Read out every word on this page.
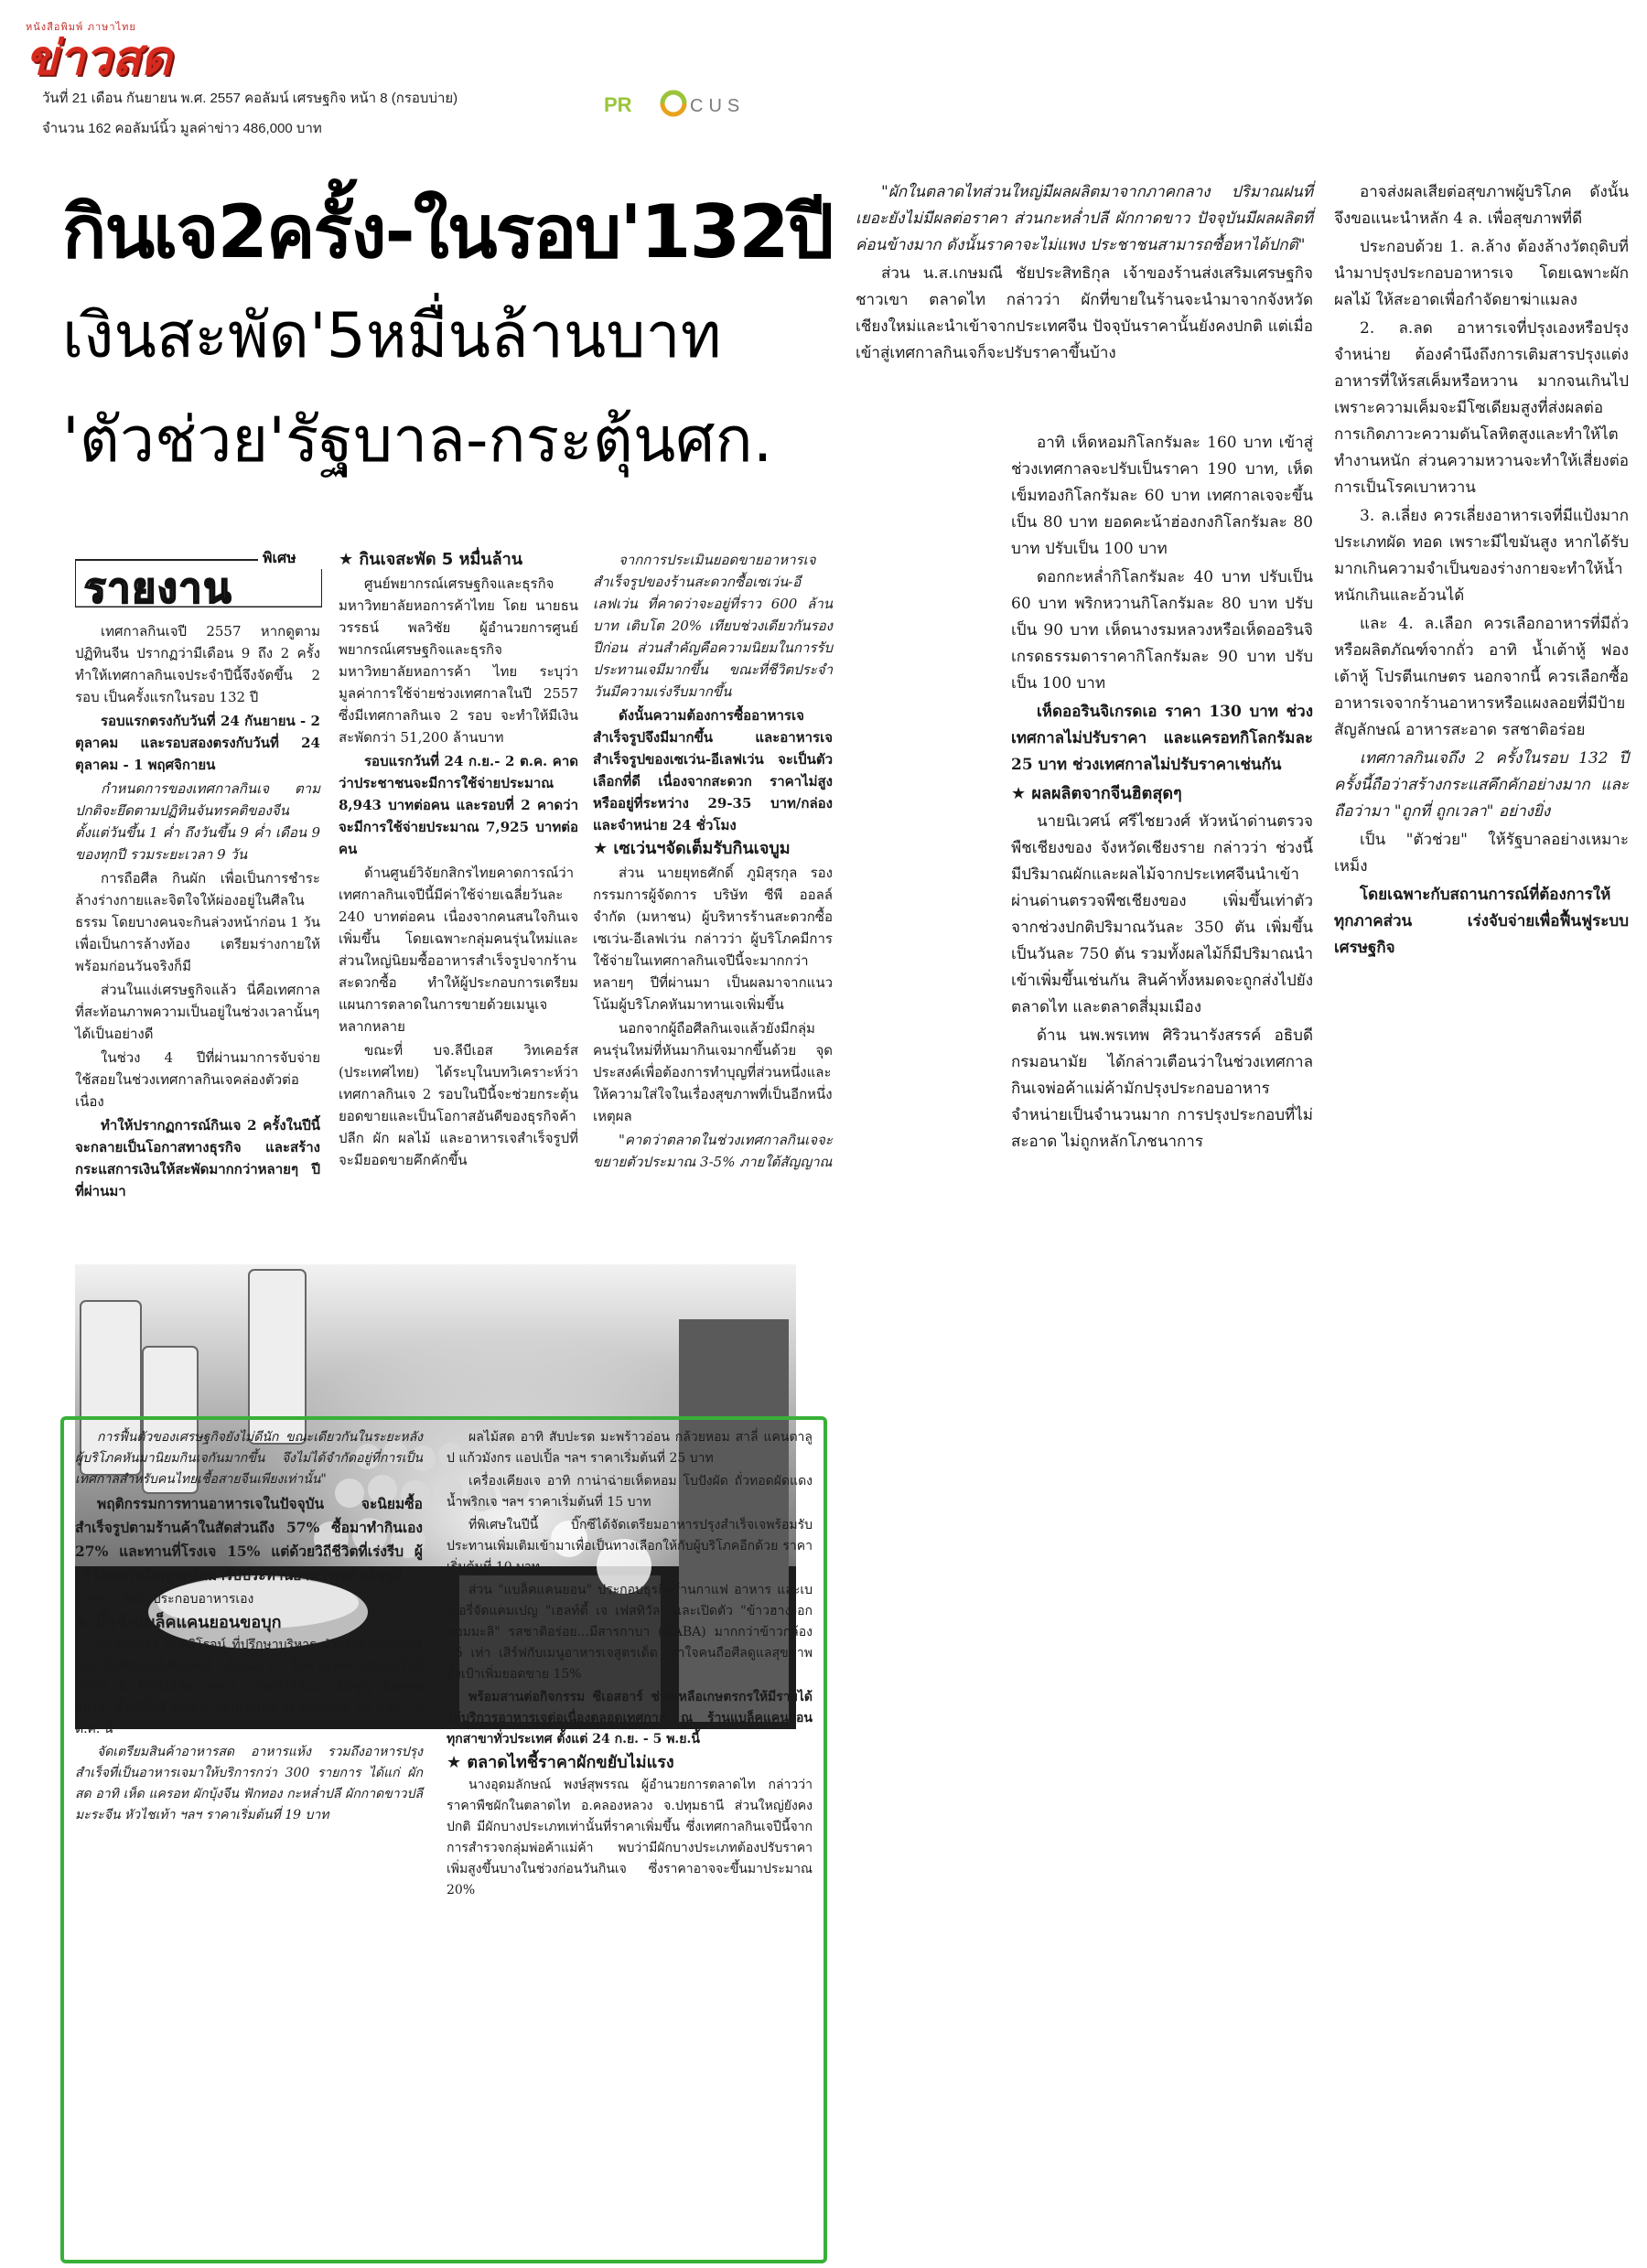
หนังสือพิมพ์ ภาษาไทย
ข่าวสด
วันที่ 21 เดือน กันยายน พ.ศ. 2557 คอลัมน์ เศรษฐกิจ หน้า 8 (กรอบบ่าย)
จำนวน 162 คอลัมน์นิ้ว มูลค่าข่าว 486,000 บาท
PR	CUS
กินเจ2ครั้ง-ในรอบ'132ปี
เงินสะพัด'5หมื่นล้านบาท
'ตัวช่วย'รัฐบาล-กระตุ้นศก.
พิเศษ
รายงาน

เทศกาลกินเจปี 2557 หากดูตามปฏิทินจีน ปรากฏว่ามีเดือน 9 ถึง 2 ครั้ง ทำให้เทศกาลกินเจประจำปีนี้จึงจัดขึ้น 2 รอบ เป็นครั้งแรกในรอบ 132 ปี

รอบแรกตรงกับวันที่ 24 กันยายน - 2 ตุลาคม และรอบสองตรงกับวันที่ 24 ตุลาคม - 1 พฤศจิกายน

กำหนดการของเทศกาลกินเจ ตามปกติจะยึดตามปฏิทินจันทรคติของจีน ตั้งแต่วันขึ้น 1 ค่ำ ถึงวันขึ้น 9 ค่ำ เดือน 9 ของทุกปี รวมระยะเวลา 9 วัน

การถือศีล กินผัก เพื่อเป็นการชำระล้างร่างกายและจิตใจให้ผ่องอยู่ในศีลในธรรม โดยบางคนจะกินล่วงหน้าก่อน 1 วัน เพื่อเป็นการล้างท้อง เตรียมร่างกายให้พร้อมก่อนวันจริงก็มี

ส่วนในแง่เศรษฐกิจแล้ว นี่คือเทศกาลที่สะท้อนภาพความเป็นอยู่ในช่วงเวลานั้นๆ ได้เป็นอย่างดี

ในช่วง 4 ปีที่ผ่านมาการจับจ่ายใช้สอยในช่วงเทศกาลกินเจคล่องตัวต่อเนื่อง

ทำให้ปรากฏการณ์กินเจ 2 ครั้งในปีนี้ จะกลายเป็นโอกาสทางธุรกิจ และสร้างกระแสการเงินให้สะพัดมากกว่าหลายๆ ปีที่ผ่านมา

★ กินเจสะพัด 5 หมื่นล้าน

ศูนย์พยากรณ์เศรษฐกิจและธุรกิจ มหาวิทยาลัยหอการค้าไทย โดย นายธนวรรธน์ พลวิชัย ผู้อำนวยการศูนย์พยากรณ์เศรษฐกิจและธุรกิจ มหาวิทยาลัยหอการค้า ไทย ระบุว่า มูลค่าการใช้จ่ายช่วงเทศกาลในปี 2557 ซึ่งมีเทศกาลกินเจ 2 รอบ จะทำให้มีเงินสะพัดกว่า 51,200 ล้านบาท

รอบแรกวันที่ 24 ก.ย.- 2 ต.ค. คาดว่าประชาชนจะมีการใช้จ่ายประมาณ 8,943 บาทต่อคน และรอบที่ 2 คาดว่าจะมีการใช้จ่ายประมาณ 7,925 บาทต่อคน

ด้านศูนย์วิจัยกสิกรไทยคาดการณ์ว่าเทศกาลกินเจปีนี้มีค่าใช้จ่ายเฉลี่ยวันละ 240 บาทต่อคน เนื่องจากคนสนใจกินเจเพิ่มขึ้น โดยเฉพาะกลุ่มคนรุ่นใหม่และส่วนใหญ่นิยมซื้ออาหารสำเร็จรูปจากร้านสะดวกซื้อ ทำให้ผู้ประกอบการเตรียมแผนการตลาดในการขายด้วยเมนูเจหลากหลาย

ขณะที่ บจ.ลีบีเอส วิทเคอร์ส (ประเทศไทย) ได้ระบุในบทวิเคราะห์ว่า เทศกาลกินเจ 2 รอบในปีนี้จะช่วยกระตุ้นยอดขายและเป็นโอกาสอันดีของธุรกิจค้าปลีก ผัก ผลไม้ และอาหารเจสำเร็จรูปที่จะมียอดขายคึกคักขึ้น

จากการประเมินยอดขายอาหารเจสำเร็จรูปของร้านสะดวกซื้อเซเว่น-อีเลฟเว่น ที่คาดว่าจะอยู่ที่ราว 600 ล้านบาท เติบโต 20% เทียบช่วงเดียวกันรองปีก่อน ส่วนสำคัญคือความนิยมในการรับประทานเจมีมากขึ้น ขณะที่ชีวิตประจำวันมีความเร่งรีบมากขึ้น

ดังนั้นความต้องการซื้ออาหารเจสำเร็จรูปจึงมีมากขึ้น และอาหารเจสำเร็จรูปของเซเว่น-อีเลฟเว่น จะเป็นตัวเลือกที่ดี เนื่องจากสะดวก ราคาไม่สูง หรืออยู่ที่ระหว่าง 29-35 บาท/กล่อง และจำหน่าย 24 ชั่วโมง

★ เซเว่นฯจัดเต็มรับกินเจบูม

ส่วน นายยุทธศักดิ์ ภูมิสุรกุล รองกรรมการผู้จัดการ บริษัท ซีพี ออลล์ จำกัด (มหาชน) ผู้บริหารร้านสะดวกซื้อเซเว่น-อีเลฟเว่น กล่าวว่า ผู้บริโภคมีการใช้จ่ายในเทศกาลกินเจปีนี้จะมากกว่าหลายๆ ปีที่ผ่านมา เป็นผลมาจากแนวโน้มผู้บริโภคหันมาทานเจเพิ่มขึ้น

นอกจากผู้ถือศีลกินเจแล้วยังมีกลุ่มคนรุ่นใหม่ที่หันมากินเจมากขึ้นด้วย จุดประสงค์เพื่อต้องการทำบุญที่ส่วนหนึ่งและให้ความใส่ใจในเรื่องสุขภาพที่เป็นอีกหนึ่งเหตุผล

"คาดว่าตลาดในช่วงเทศกาลกินเจจะขยายตัวประมาณ 3-5% ภายใต้สัญญาณ

"ผักในตลาดไทส่วนใหญ่มีผลผลิตมาจากภาคกลาง ปริมาณฝนที่เยอะยังไม่มีผลต่อราคา ส่วนกะหล่ำปลี ผักกาดขาว ปัจจุบันมีผลผลิตที่ค่อนข้างมาก ดังนั้นราคาจะไม่แพง ประชาชนสามารถซื้อหาได้ปกติ"

ส่วน น.ส.เกษมณี ชัยประสิทธิกุล เจ้าของร้านส่งเสริมเศรษฐกิจชาวเขา ตลาดไท กล่าวว่า ผักที่ขายในร้านจะนำมาจากจังหวัดเชียงใหม่และนำเข้าจากประเทศจีน ปัจจุบันราคานั้นยังคงปกติ แต่เมื่อเข้าสู่เทศกาลกินเจก็จะปรับราคาขึ้นบ้าง

อาทิ เห็ดหอมกิโลกรัมละ 160 บาท เข้าสู่ช่วงเทศกาลจะปรับเป็นราคา 190 บาท, เห็ดเข็มทองกิโลกรัมละ 60 บาท เทศกาลเจจะขึ้นเป็น 80 บาท ยอดคะน้าฮ่องกงกิโลกรัมละ 80 บาท ปรับเป็น 100 บาท

ดอกกะหล่ำกิโลกรัมละ 40 บาท ปรับเป็น 60 บาท พริกหวานกิโลกรัมละ 80 บาท ปรับเป็น 90 บาท เห็ดนางรมหลวงหรือเห็ดออรินจิ เกรดธรรมดาราคากิโลกรัมละ 90 บาท ปรับเป็น 100 บาท

เห็ดออรินจิเกรดเอ ราคา 130 บาท ช่วงเทศกาลไม่ปรับราคา และแครอทกิโลกรัมละ 25 บาท ช่วงเทศกาลไม่ปรับราคาเช่นกัน

★ ผลผลิตจากจีนฮิตสุดๆ

นายนิเวศน์ ศรีไชยวงศ์ หัวหน้าด่านตรวจพืชเชียงของ จังหวัดเชียงราย กล่าวว่า ช่วงนี้มีปริมาณผักและผลไม้จากประเทศจีนนำเข้าผ่านด่านตรวจพืชเชียงของ เพิ่มขึ้นเท่าตัว จากช่วงปกติปริมาณวันละ 350 ตัน เพิ่มขึ้นเป็นวันละ 750 ตัน รวมทั้งผลไม้ก็มีปริมาณนำเข้าเพิ่มขึ้นเช่นกัน สินค้าทั้งหมดจะถูกส่งไปยังตลาดไท และตลาดสี่มุมเมือง

ด้าน นพ.พรเทพ ศิริวนารังสรรค์ อธิบดีกรมอนามัย ได้กล่าวเตือนว่าในช่วงเทศกาลกินเจพ่อค้าแม่ค้ามักปรุงประกอบอาหารจำหน่ายเป็นจำนวนมาก การปรุงประกอบที่ไม่สะอาด ไม่ถูกหลักโภชนาการ

อาจส่งผลเสียต่อสุขภาพผู้บริโภค ดังนั้นจึงขอแนะนำหลัก 4 ล. เพื่อสุขภาพที่ดี

ประกอบด้วย 1. ล.ล้าง ต้องล้างวัตถุดิบที่นำมาปรุงประกอบอาหารเจ โดยเฉพาะผัก ผลไม้ ให้สะอาดเพื่อกำจัดยาฆ่าแมลง

2. ล.ลด อาหารเจที่ปรุงเองหรือปรุงจำหน่าย ต้องคำนึงถึงการเติมสารปรุงแต่งอาหารที่ให้รสเค็มหรือหวาน มากจนเกินไป เพราะความเค็มจะมีโซเดียมสูงที่ส่งผลต่อการเกิดภาวะความดันโลหิตสูงและทำให้ไตทำงานหนัก ส่วนความหวานจะทำให้เสี่ยงต่อการเป็นโรคเบาหวาน

3. ล.เลี่ยง ควรเลี่ยงอาหารเจที่มีแป้งมาก ประเภทผัด ทอด เพราะมีไขมันสูง หากได้รับมากเกินความจำเป็นของร่างกายจะทำให้น้ำหนักเกินและอ้วนได้

และ 4. ล.เลือก ควรเลือกอาหารที่มีถั่วหรือผลิตภัณฑ์จากถั่ว อาทิ น้ำเต้าหู้ ฟองเต้าหู้ โปรตีนเกษตร นอกจากนี้ ควรเลือกซื้ออาหารเจจากร้านอาหารหรือแผงลอยที่มีป้ายสัญลักษณ์ อาหารสะอาด รสชาติอร่อย

เทศกาลกินเจถึง 2 ครั้งในรอบ 132 ปี ครั้งนี้ถือว่าสร้างกระแสคึกคักอย่างมาก และถือว่ามา "ถูกที่ ถูกเวลา" อย่างยิ่ง

เป็น "ตัวช่วย" ให้รัฐบาลอย่างเหมาะเหม็ง

โดยเฉพาะกับสถานการณ์ที่ต้องการให้ทุกภาคส่วน เร่งจับจ่ายเพื่อฟื้นฟูระบบเศรษฐกิจ

การฟื้นตัวของเศรษฐกิจยังไม่ดีนัก ขณะเดียวกันในระยะหลังผู้บริโภคหันมานิยมกินเจกันมากขึ้น จึงไม่ได้จำกัดอยู่ที่การเป็นเทศกาลสำหรับคนไทยเชื้อสายจีนเพียงเท่านั้น"

พฤติกรรมการทานอาหารเจในปัจจุบัน จะนิยมซื้อสำเร็จรูปตามร้านค้าในสัดส่วนถึง 57% ซื้อมาทำกินเอง 27% และทานที่โรงเจ 15% แต่ด้วยวิถีชีวิตที่เร่งรีบ ผู้บริโภคส่วนใหญ่จะหันมารับประทานอาหารเจสำเร็จรูป

มากกว่าซื้อมาประกอบอาหารเอง

★ บิ๊กซี-แบล็คแคนยอนขอบุก

นายกฤกธร นาควิโรจน์ ที่ปรึกษาบริหาร ฝ่ายองค์กรสัมพันธ์ บมจ.บิ๊กซีซูเปอร์เซ็นเตอร์ เปิดเผยว่า ในช่วงเทศกาลกินเจในปี 2557 นี้ บิ๊กซีได้จัดรายการ "เทศกาลกินเจ อิ่มบุญ อิ่มกุศล อิ่มใจ" ขึ้นที่บิ๊กซี ทุกสาขาทั่วประเทศ ระหว่างวันที่ 19 ก.ย. - 2 ต.ค. นี้

จัดเตรียมสินค้าอาหารสด อาหารแห้ง รวมถึงอาหารปรุงสำเร็จที่เป็นอาหารเจมาให้บริการกว่า 300 รายการ ได้แก่ ผักสด อาทิ เห็ด แครอท ผักบุ้งจีน ฟักทอง กะหล่ำปลี ผักกาดขาวปลี มะระจีน หัวไชเท้า ฯลฯ ราคาเริ่มต้นที่ 19 บาท

ผลไม้สด อาทิ สับปะรด มะพร้าวอ่อน กล้วยหอม สาลี่ แคนตาลูป แก้วมังกร แอปเปิ้ล ฯลฯ ราคาเริ่มต้นที่ 25 บาท

เครื่องเคียงเจ อาทิ กาน่าฉ่ายเห็ดหอม โบปังผัด ถั่วทอดผัดแดง น้ำพริกเจ ฯลฯ ราคาเริ่มต้นที่ 15 บาท

ที่พิเศษในปีนี้ บิ๊กซีได้จัดเตรียมอาหารปรุงสำเร็จเจพร้อมรับประทานเพิ่มเติมเข้ามาเพื่อเป็นทางเลือกให้กับผู้บริโภคอีกด้วย ราคาเริ่มต้นที่ 10 บาท

ส่วน "แบล็คแคนยอน" ประกอบธุรกิจร้านกาแฟ อาหาร และเบเกอรี่จัดแคมเปญ "เฮลท์ตี้ เจ เฟสทิวัล" และเปิดตัว "ข้าวฮางงอกหอมมะลิ" รสชาติอร่อย...มีสารกาบา (GABA) มากกว่าข้าวกล้อง 15 เท่า เสิร์ฟกับเมนูอาหารเจสูตรเด็ด เอาใจคนถือศีลดูแลสุขภาพ ตั้งเป้าเพิ่มยอดขาย 15%

พร้อมสานต่อกิจกรรม ซีเอสอาร์ ช่วยเหลือเกษตรกรให้มีรายได้ ให้บริการอาหารเจต่อเนื่องตลอดเทศกาล ณ ร้านแบล็คแคนยอน ทุกสาขาทั่วประเทศ ตั้งแต่ 24 ก.ย. - 5 พ.ย.นี้

★ ตลาดไทชี้ราคาผักขยับไม่แรง

นางอุดมลักษณ์ พงษ์สุพรรณ ผู้อำนวยการตลาดไท กล่าวว่าราคาพืชผักในตลาดไท อ.คลองหลวง จ.ปทุมธานี ส่วนใหญ่ยังคงปกติ มีผักบางประเภทเท่านั้นที่ราคาเพิ่มขึ้น ซึ่งเทศกาลกินเจปีนี้จากการสำรวจกลุ่มพ่อค้าแม่ค้า พบว่ามีผักบางประเภทต้องปรับราคาเพิ่มสูงขึ้นบางในช่วงก่อนวันกินเจ ซึ่งราคาอาจจะขึ้นมาประมาณ 20%
